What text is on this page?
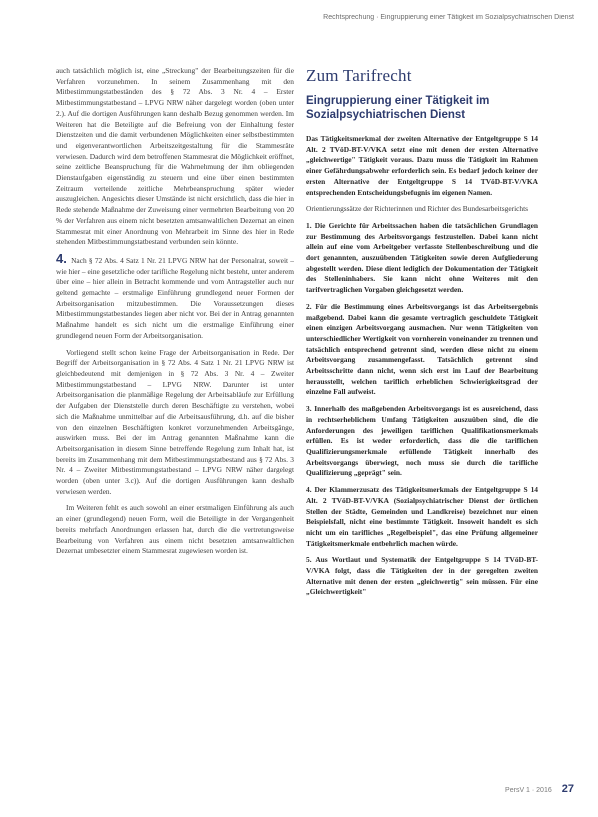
Rechtsprechung · Eingruppierung einer Tätigkeit im Sozialpsychiatrischen Dienst

auch tatsächlich möglich ist, eine „Streckung" der Bearbeitungszeiten für die Verfahren vorzunehmen. In seinem Zusammenhang mit den Mitbestimmungstatbeständen des § 72 Abs. 3 Nr. 4 – Erster Mitbestimmungstatbestand – LPVG NRW näher dargelegt worden (oben unter 2.). Auf die dortigen Ausführungen kann deshalb Bezug genommen werden. Im Weiteren hat die Beteiligte auf die Befreiung von der Einhaltung fester Dienstzeiten und die damit verbundenen Möglichkeiten einer selbstbestimmten und eigenverantwortlichen Arbeitszeitgestaltung für die Stammesräte verwiesen. Dadurch wird dem betroffenen Stammesrat die Möglichkeit eröffnet, seine zeitliche Beanspruchung für die Wahrnehmung der ihm obliegenden Dienstaufgaben eigenständig zu steuern und eine über einen bestimmten Zeitraum verteilende zeitliche Mehrbeanspruchung später wieder auszugleichen. Angesichts dieser Umstände ist nicht ersichtlich, dass die hier in Rede stehende Maßnahme der Zuweisung einer vermehrten Bearbeitung von 20 % der Verfahren aus einem nicht besetzten amtsanwaltlichen Dezernat an einen Stammesrat mit einer Anordnung von Mehrarbeit im Sinne des hier in Rede stehenden Mitbestimmungstatbestand verbunden sein könnte.

4. Nach § 72 Abs. 4 Satz 1 Nr. 21 LPVG NRW hat der Personalrat, soweit – wie hier – eine gesetzliche oder tarifliche Regelung nicht besteht, unter anderem über eine – hier allein in Betracht kommende und vom Antragsteller auch nur geltend gemachte – erstmalige Einführung grundlegend neuer Formen der Arbeitsorganisation mitzubestimmen. Die Voraussetzungen dieses Mitbestimmungstatbestandes liegen aber nicht vor. Bei der in Antrag genannten Maßnahme handelt es sich nicht um die erstmalige Einführung einer grundlegend neuen Form der Arbeitsorganisation.

Vorliegend stellt schon keine Frage der Arbeitsorganisation in Rede. Der Begriff der Arbeitsorganisation in § 72 Abs. 4 Satz 1 Nr. 21 LPVG NRW ist gleichbedeutend mit demjenigen in § 72 Abs. 3 Nr. 4 – Zweiter Mitbestimmungstatbestand – LPVG NRW. Darunter ist unter Arbeitsorganisation die planmäßige Regelung der Arbeitsabläufe zur Erfüllung der Aufgaben der Dienststelle durch deren Beschäftigte zu verstehen, wobei sich die Maßnahme unmittelbar auf die Arbeitsausführung, d.h. auf die bisher von den einzelnen Beschäftigten konkret vorzunehmenden Arbeitsgänge, auswirken muss. Bei der im Antrag genannten Maßnahme kann die Arbeitsorganisation in diesem Sinne betreffende Regelung zum Inhalt hat, ist bereits im Zusammenhang mit dem Mitbestimmungstatbestand aus § 72 Abs. 3 Nr. 4 – Zweiter Mitbestimmungstatbestand – LPVG NRW näher dargelegt worden (oben unter 3.c)). Auf die dortigen Ausführungen kann deshalb verwiesen werden.

Im Weiteren fehlt es auch sowohl an einer erstmaligen Einführung als auch an einer (grundlegend) neuen Form, weil die Beteiligte in der Vergangenheit bereits mehrfach Anordnungen erlassen hat, durch die die vertretungsweise Bearbeitung von Verfahren aus einem nicht besetzten amtsanwaltlichen Dezernat umbesetzter einem Stammesrat zugewiesen worden ist.

Zum Tarifrecht
Eingruppierung einer Tätigkeit im Sozialpsychiatrischen Dienst

Das Tätigkeitsmerkmal der zweiten Alternative der Entgeltgruppe S 14 Alt. 2 TVöD-BT-V/VKA setzt eine mit denen der ersten Alternative „gleichwertige" Tätigkeit voraus. Dazu muss die Tätigkeit im Rahmen einer Gefährdungsabwehr erforderlich sein. Es bedarf jedoch keiner der ersten Alternative der Entgeltgruppe S 14 TVöD-BT-V/VKA entsprechenden Entscheidungsbefugnis im eigenen Namen.

Orientierungssätze der Richterinnen und Richter des Bundesarbeitsgerichts

1. Die Gerichte für Arbeitssachen haben die tatsächlichen Grundlagen zur Bestimmung des Arbeitsvorgangs festzustellen. Dabei kann nicht allein auf eine vom Arbeitgeber verfasste Stellenbeschreibung und die dort genannten, auszuübenden Tätigkeiten sowie deren Aufgliederung abgestellt werden. Diese dient lediglich der Dokumentation der Tätigkeit des Stelleninhabers. Sie kann nicht ohne Weiteres mit den tarifvertraglichen Vorgaben gleichgesetzt werden.

2. Für die Bestimmung eines Arbeitsvorgangs ist das Arbeitsergebnis maßgebend. Dabei kann die gesamte vertraglich geschuldete Tätigkeit einen einzigen Arbeitsvorgang ausmachen. Nur wenn Tätigkeiten von unterschiedlicher Wertigkeit von vornherein voneinander zu trennen und tatsächlich entsprechend getrennt sind, werden diese nicht zu einem Arbeitsvorgang zusammengefasst. Tatsächlich getrennt sind Arbeitsschritte dann nicht, wenn sich erst im Lauf der Bearbeitung herausstellt, welchen tariflich erheblichen Schwierigkeitsgrad der einzelne Fall aufweist.

3. Innerhalb des maßgebenden Arbeitsvorgangs ist es ausreichend, dass in rechtserheblichem Umfang Tätigkeiten auszuüben sind, die die Anforderungen des jeweiligen tariflichen Qualifikationsmerkmals erfüllen. Es ist weder erforderlich, dass die die tariflichen Qualifizierungsmerkmale erfüllende Tätigkeit innerhalb des Arbeitsvorgangs überwiegt, noch muss sie durch die tarifliche Qualifizierung „geprägt" sein.

4. Der Klammerzusatz des Tätigkeitsmerkmals der Entgeltgruppe S 14 Alt. 2 TVöD-BT-V/VKA (Sozialpsychiatrischer Dienst der örtlichen Stellen der Städte, Gemeinden und Landkreise) bezeichnet nur einen Beispielsfall, nicht eine bestimmte Tätigkeit. Insoweit handelt es sich nicht um ein tarifliches „Regelbeispiel", das eine Prüfung allgemeiner Tätigkeitsmerkmale entbehrlich machen würde.

5. Aus Wortlaut und Systematik der Entgeltgruppe S 14 TVöD-BT-V/VKA folgt, dass die Tätigkeiten der in der geregelten zweiten Alternative mit denen der ersten „gleichwertig" sein müssen. Für eine „Gleichwertigkeit"

PersV 1 · 2016 27
